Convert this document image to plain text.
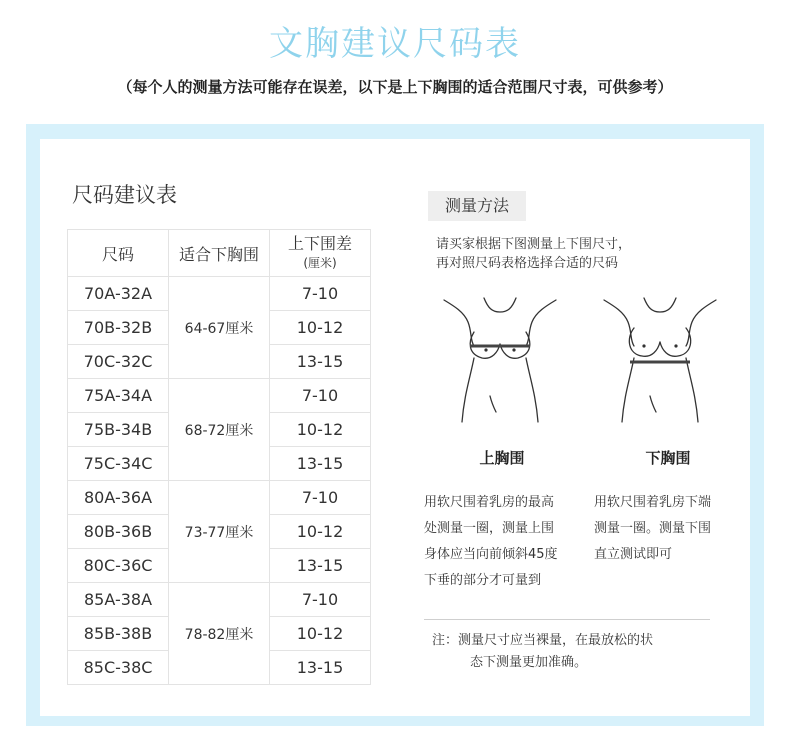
文胸建议尺码表
（每个人的测量方法可能存在误差，以下是上下胸围的适合范围尺寸表，可供参考）
尺码建议表
尺码	适合下胸围	上下围差
(厘米)
70A-32A	64-67厘米	7-10
70B-32B		10-12
70C-32C		13-15
75A-34A	68-72厘米	7-10
75B-34B		10-12
75C-34C		13-15
80A-36A	73-77厘米	7-10
80B-36B		10-12
80C-36C		13-15
85A-38A	78-82厘米	7-10
85B-38B		10-12
85C-38C		13-15
测量方法
请买家根据下图测量上下围尺寸，
再对照尺码表格选择合适的尺码
上胸围	下胸围
用软尺围着乳房的最高
处测量一圈，测量上围
身体应当向前倾斜45度
下垂的部分才可量到
用软尺围着乳房下端
测量一圈。测量下围
直立测试即可
注：测量尺寸应当裸量，在最放松的状
态下测量更加准确。
